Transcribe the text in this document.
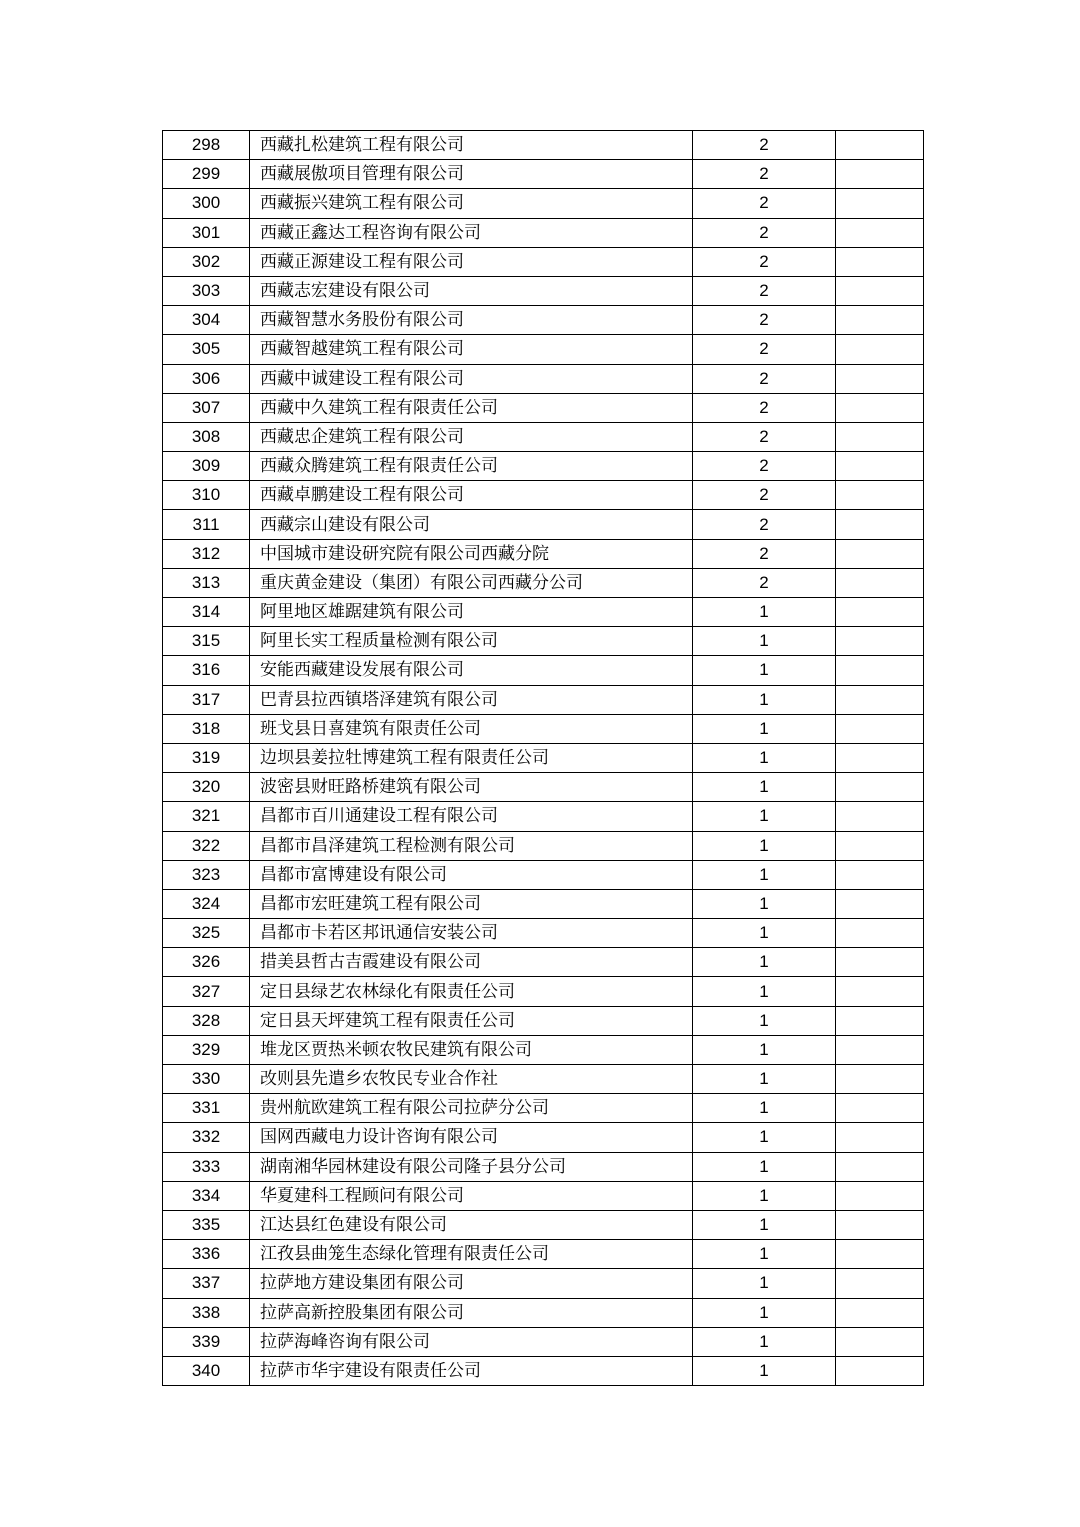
298	西藏扎松建筑工程有限公司	2	
299	西藏展傲项目管理有限公司	2	
300	西藏振兴建筑工程有限公司	2	
301	西藏正鑫达工程咨询有限公司	2	
302	西藏正源建设工程有限公司	2	
303	西藏志宏建设有限公司	2	
304	西藏智慧水务股份有限公司	2	
305	西藏智越建筑工程有限公司	2	
306	西藏中诚建设工程有限公司	2	
307	西藏中久建筑工程有限责任公司	2	
308	西藏忠企建筑工程有限公司	2	
309	西藏众腾建筑工程有限责任公司	2	
310	西藏卓鹏建设工程有限公司	2	
311	西藏宗山建设有限公司	2	
312	中国城市建设研究院有限公司西藏分院	2	
313	重庆黄金建设（集团）有限公司西藏分公司	2	
314	阿里地区雄踞建筑有限公司	1	
315	阿里长实工程质量检测有限公司	1	
316	安能西藏建设发展有限公司	1	
317	巴青县拉西镇塔泽建筑有限公司	1	
318	班戈县日喜建筑有限责任公司	1	
319	边坝县姜拉牡博建筑工程有限责任公司	1	
320	波密县财旺路桥建筑有限公司	1	
321	昌都市百川通建设工程有限公司	1	
322	昌都市昌泽建筑工程检测有限公司	1	
323	昌都市富博建设有限公司	1	
324	昌都市宏旺建筑工程有限公司	1	
325	昌都市卡若区邦讯通信安装公司	1	
326	措美县哲古吉霞建设有限公司	1	
327	定日县绿艺农林绿化有限责任公司	1	
328	定日县天坪建筑工程有限责任公司	1	
329	堆龙区贾热米顿农牧民建筑有限公司	1	
330	改则县先遣乡农牧民专业合作社	1	
331	贵州航欧建筑工程有限公司拉萨分公司	1	
332	国网西藏电力设计咨询有限公司	1	
333	湖南湘华园林建设有限公司隆子县分公司	1	
334	华夏建科工程顾问有限公司	1	
335	江达县红色建设有限公司	1	
336	江孜县曲笼生态绿化管理有限责任公司	1	
337	拉萨地方建设集团有限公司	1	
338	拉萨高新控股集团有限公司	1	
339	拉萨海峰咨询有限公司	1	
340	拉萨市华宇建设有限责任公司	1	
